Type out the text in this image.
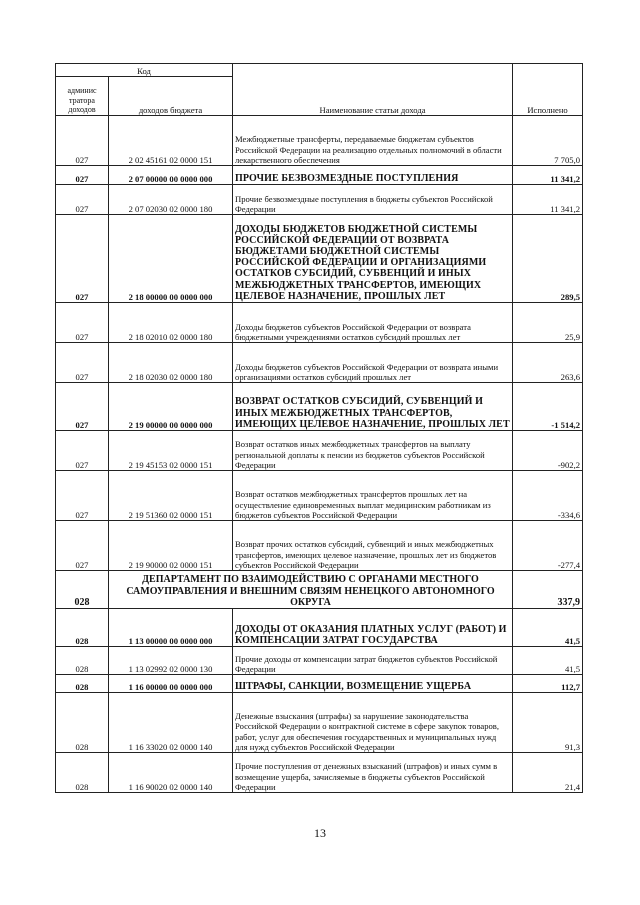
Код		Наименование статьи дохода	Исполнено
админис тратора доходов	доходов бюджета		
027	2 02 45161 02 0000 151	Межбюджетные трансферты, передаваемые бюджетам субъектов Российской Федерации на реализацию отдельных полномочий в области лекарственного обеспечения	7 705,0
027	2 07 00000 00 0000 000	ПРОЧИЕ БЕЗВОЗМЕЗДНЫЕ ПОСТУПЛЕНИЯ	11 341,2
027	2 07 02030 02 0000 180	Прочие безвозмездные поступления в бюджеты субъектов Российской Федерации	11 341,2
027	2 18 00000 00 0000 000	ДОХОДЫ БЮДЖЕТОВ БЮДЖЕТНОЙ СИСТЕМЫ РОССИЙСКОЙ ФЕДЕРАЦИИ ОТ ВОЗВРАТА БЮДЖЕТАМИ БЮДЖЕТНОЙ СИСТЕМЫ РОССИЙСКОЙ ФЕДЕРАЦИИ И ОРГАНИЗАЦИЯМИ ОСТАТКОВ СУБСИДИЙ, СУБВЕНЦИЙ И ИНЫХ МЕЖБЮДЖЕТНЫХ ТРАНСФЕРТОВ, ИМЕЮЩИХ ЦЕЛЕВОЕ НАЗНАЧЕНИЕ, ПРОШЛЫХ ЛЕТ	289,5
027	2 18 02010 02 0000 180	Доходы бюджетов субъектов Российской Федерации от возврата бюджетными учреждениями остатков субсидий прошлых лет	25,9
027	2 18 02030 02 0000 180	Доходы бюджетов субъектов Российской Федерации от возврата иными организациями остатков субсидий прошлых лет	263,6
027	2 19 00000 00 0000 000	ВОЗВРАТ ОСТАТКОВ СУБСИДИЙ, СУБВЕНЦИЙ И ИНЫХ МЕЖБЮДЖЕТНЫХ ТРАНСФЕРТОВ, ИМЕЮЩИХ ЦЕЛЕВОЕ НАЗНАЧЕНИЕ, ПРОШЛЫХ ЛЕТ	-1 514,2
027	2 19 45153 02 0000 151	Возврат остатков иных межбюджетных трансфертов на выплату региональной доплаты к пенсии из бюджетов субъектов Российской Федерации	-902,2
027	2 19 51360 02 0000 151	Возврат остатков межбюджетных трансфертов прошлых лет на осуществление единовременных выплат медицинским работникам из бюджетов субъектов Российской Федерации	-334,6
027	2 19 90000 02 0000 151	Возврат прочих остатков субсидий, субвенций и иных межбюджетных трансфертов, имеющих целевое назначение, прошлых лет из бюджетов субъектов Российской Федерации	-277,4
028	ДЕПАРТАМЕНТ ПО ВЗАИМОДЕЙСТВИЮ С ОРГАНАМИ МЕСТНОГО САМОУПРАВЛЕНИЯ И ВНЕШНИМ СВЯЗЯМ НЕНЕЦКОГО АВТОНОМНОГО ОКРУГА		337,9
028	1 13 00000 00 0000 000	ДОХОДЫ ОТ ОКАЗАНИЯ ПЛАТНЫХ УСЛУГ (РАБОТ) И КОМПЕНСАЦИИ ЗАТРАТ ГОСУДАРСТВА	41,5
028	1 13 02992 02 0000 130	Прочие доходы от компенсации затрат бюджетов субъектов Российской Федерации	41,5
028	1 16 00000 00 0000 000	ШТРАФЫ, САНКЦИИ, ВОЗМЕЩЕНИЕ УЩЕРБА	112,7
028	1 16 33020 02 0000 140	Денежные взыскания (штрафы) за нарушение законодательства Российской Федерации о контрактной системе в сфере закупок товаров, работ, услуг для обеспечения государственных и муниципальных нужд для нужд субъектов Российской Федерации	91,3
028	1 16 90020 02 0000 140	Прочие поступления от денежных взысканий (штрафов) и иных сумм в возмещение ущерба, зачисляемые в бюджеты субъектов Российской Федерации	21,4
13
